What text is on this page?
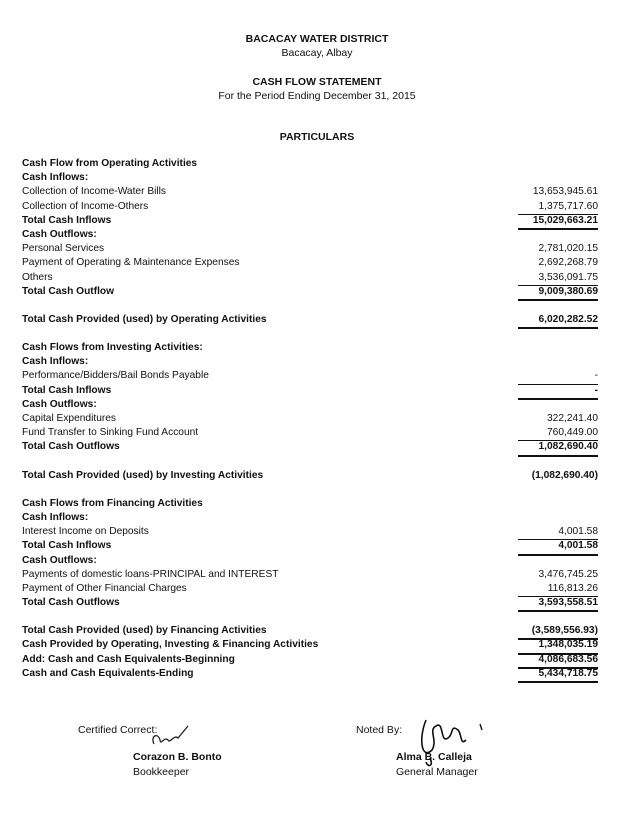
BACACAY WATER DISTRICT
Bacacay, Albay
CASH FLOW STATEMENT
For the Period Ending December 31, 2015
PARTICULARS
Cash Flow from Operating Activities
Cash Inflows:
Collection of Income-Water Bills	13,653,945.61
Collection of Income-Others	1,375,717.60
Total Cash Inflows	15,029,663.21
Cash Outflows:
Personal Services	2,781,020.15
Payment of Operating & Maintenance Expenses	2,692,268.79
Others	3,536,091.75
Total Cash Outflow	9,009,380.69
Total Cash Provided (used) by Operating Activities	6,020,282.52
Cash Flows from Investing Activities:
Cash Inflows:
Performance/Bidders/Bail Bonds Payable	-
Total Cash Inflows	-
Cash Outflows:
Capital Expenditures	322,241.40
Fund Transfer to Sinking Fund Account	760,449.00
Total Cash Outflows	1,082,690.40
Total Cash Provided (used) by Investing Activities	(1,082,690.40)
Cash Flows from Financing Activities
Cash Inflows:
Interest Income on Deposits	4,001.58
Total Cash Inflows	4,001.58
Cash Outflows:
Payments of domestic loans-PRINCIPAL and INTEREST	3,476,745.25
Payment of Other Financial Charges	116,813.26
Total Cash Outflows	3,593,558.51
Total Cash Provided (used) by Financing Activities	(3,589,556.93)
Cash Provided by Operating, Investing & Financing Activities	1,348,035.19
Add: Cash and Cash Equivalents-Beginning	4,086,683.56
Cash and Cash Equivalents-Ending	5,434,718.75
Certified Correct:
Corazon B. Bonto
Bookkeeper
Noted By:
Alma B. Calleja
General Manager
